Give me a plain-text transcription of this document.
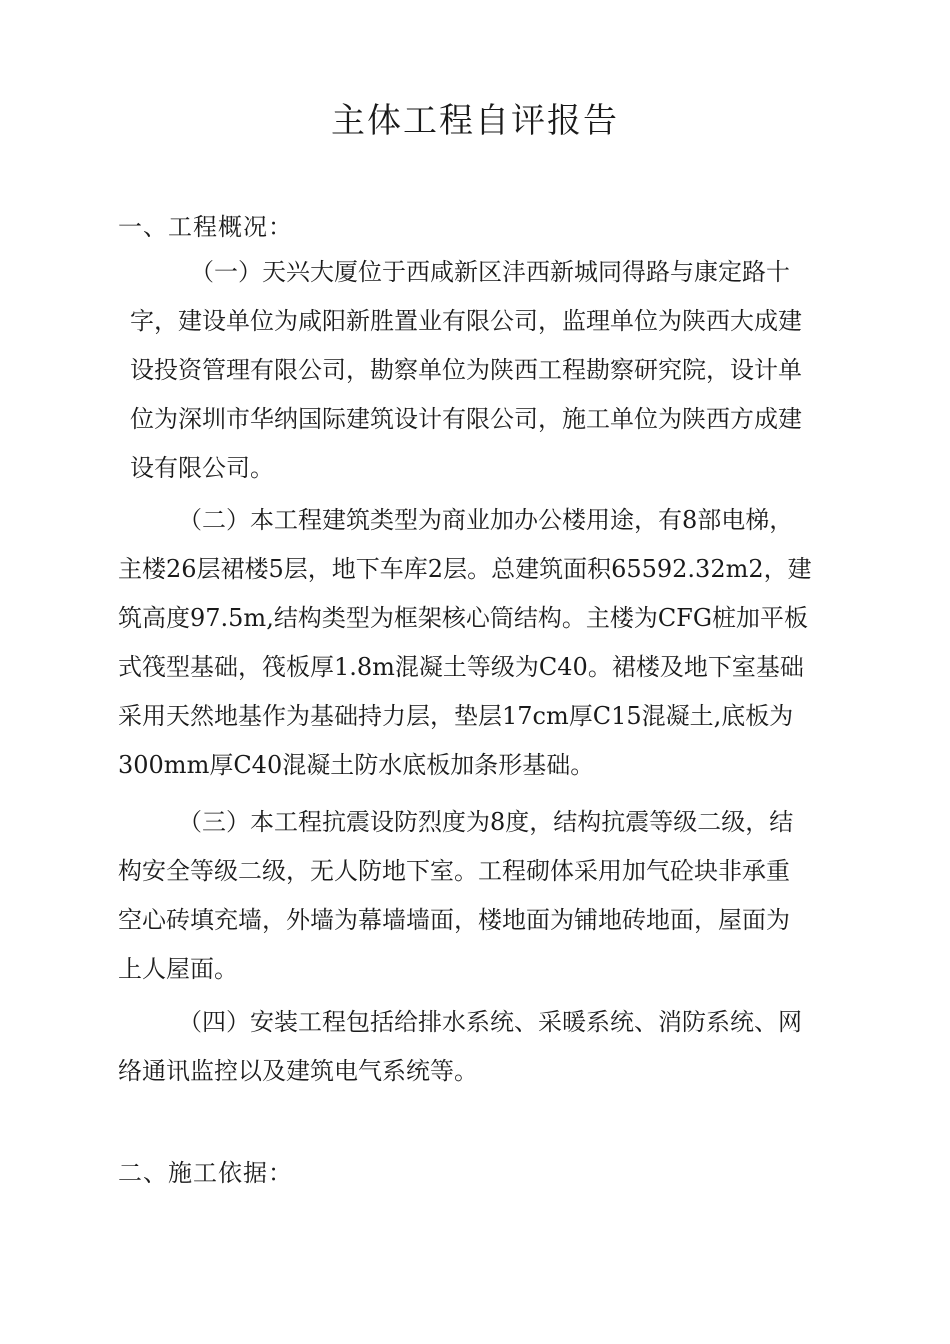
主体工程自评报告
一、工程概况：
（一）天兴大厦位于西咸新区沣西新城同得路与康定路十
字，建设单位为咸阳新胜置业有限公司，监理单位为陕西大成建
设投资管理有限公司，勘察单位为陕西工程勘察研究院，设计单
位为深圳市华纳国际建筑设计有限公司，施工单位为陕西方成建
设有限公司。
（二）本工程建筑类型为商业加办公楼用途，有8部电梯，
主楼26层裙楼5层，地下车库2层。总建筑面积65592.32m2，建
筑高度97.5m,结构类型为框架核心筒结构。主楼为CFG桩加平板
式筏型基础，筏板厚1.8m混凝土等级为C40。裙楼及地下室基础
采用天然地基作为基础持力层，垫层17cm厚C15混凝土,底板为
300mm厚C40混凝土防水底板加条形基础。
（三）本工程抗震设防烈度为8度，结构抗震等级二级，结
构安全等级二级，无人防地下室。工程砌体采用加气砼块非承重
空心砖填充墙，外墙为幕墙墙面，楼地面为铺地砖地面，屋面为
上人屋面。
（四）安装工程包括给排水系统、采暖系统、消防系统、网
络通讯监控以及建筑电气系统等。
二、施工依据：
